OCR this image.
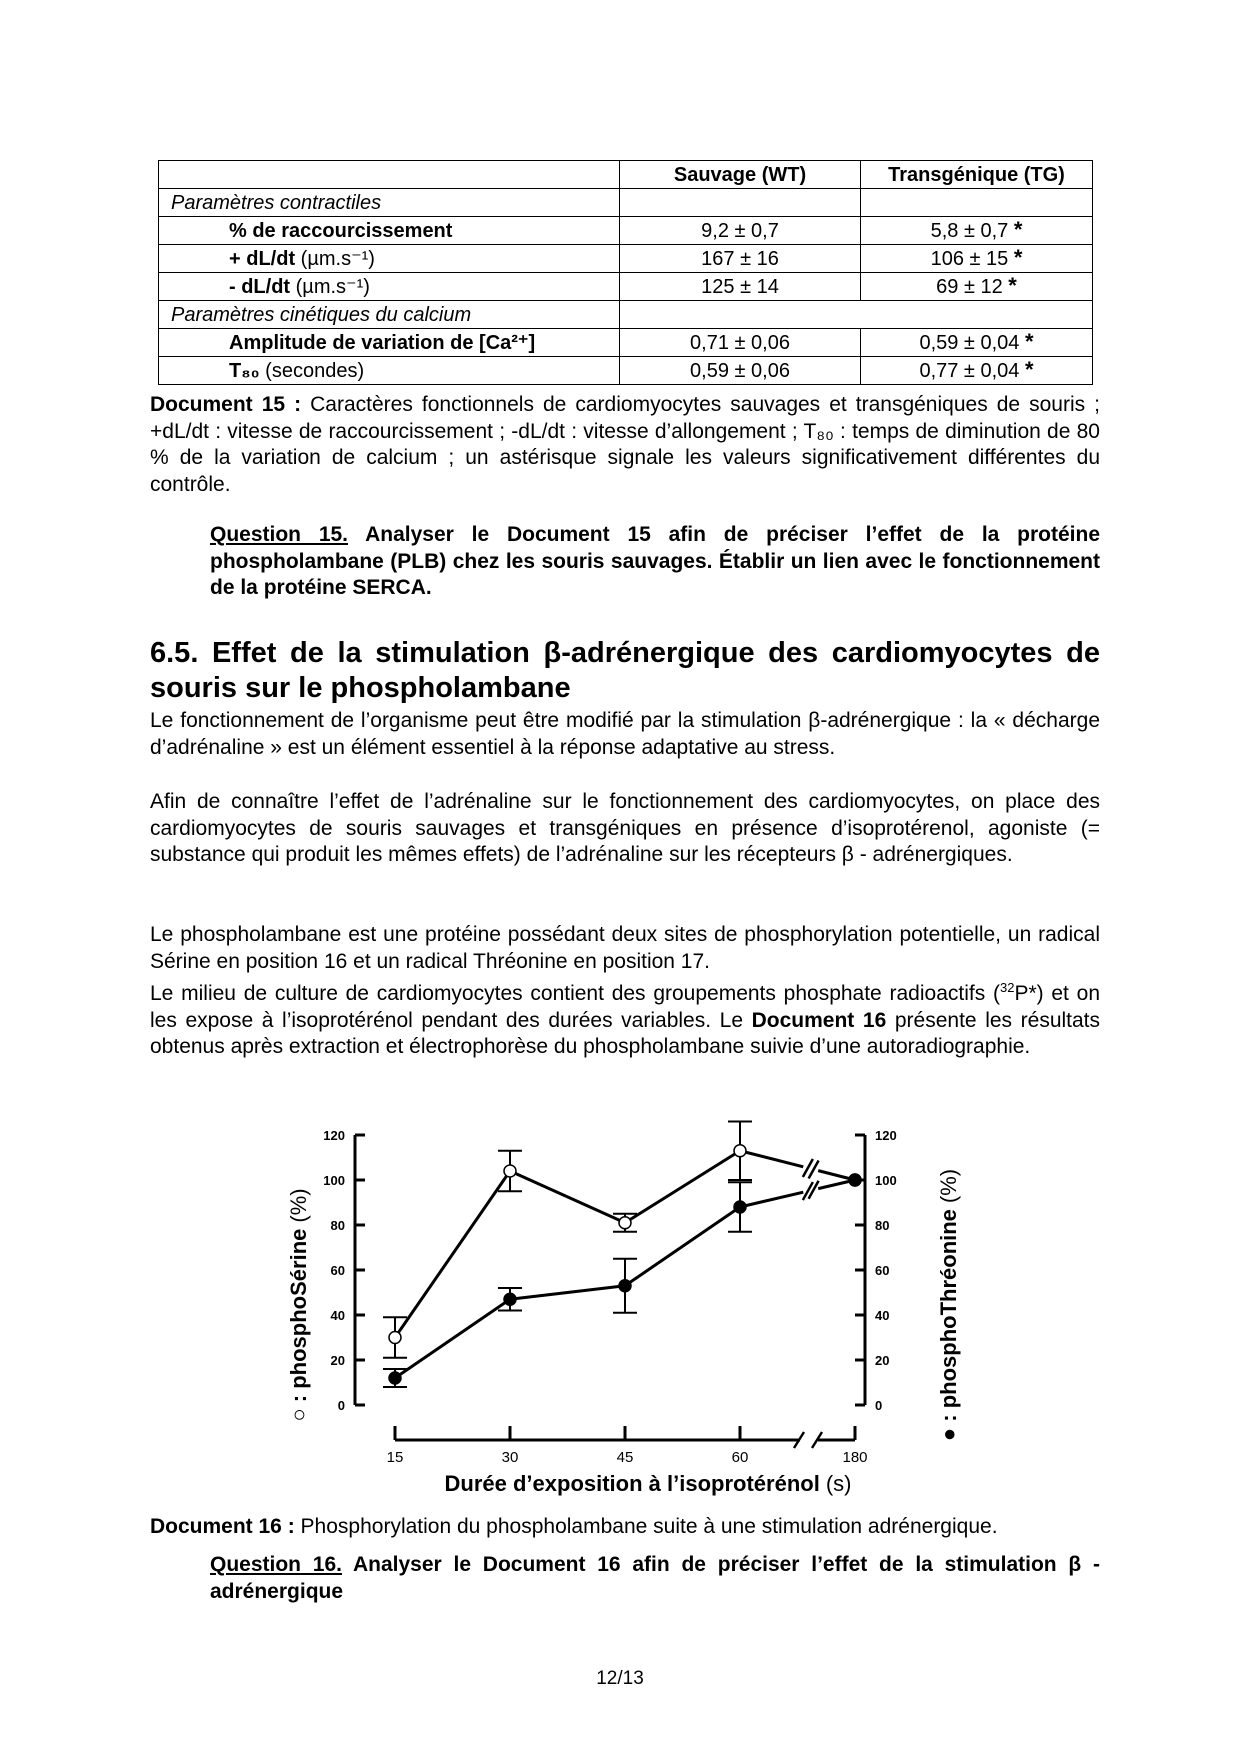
	Sauvage (WT)	Transgénique (TG)
Paramètres contractiles		
% de raccourcissement	9,2 ± 0,7	5,8 ± 0,7 *
+ dL/dt (µm.s⁻¹)	167 ± 16	106 ± 15 *
- dL/dt (µm.s⁻¹)	125 ± 14	69 ± 12 *
Paramètres cinétiques du calcium		
Amplitude de variation de [Ca²⁺]	0,71 ± 0,06	0,59 ± 0,04 *
T₈₀ (secondes)	0,59 ± 0,06	0,77 ± 0,04 *
Document 15 : Caractères fonctionnels de cardiomyocytes sauvages et transgéniques de souris ; +dL/dt : vitesse de raccourcissement ; -dL/dt : vitesse d’allongement ; T₈₀ : temps de diminution de 80 % de la variation de calcium ; un astérisque signale les valeurs significativement différentes du contrôle.
Question 15. Analyser le Document 15 afin de préciser l’effet de la protéine phospholambane (PLB) chez les souris sauvages. Établir un lien avec le fonctionnement de la protéine SERCA.
6.5. Effet de la stimulation β-adrénergique des cardiomyocytes de souris sur le phospholambane
Le fonctionnement de l’organisme peut être modifié par la stimulation β-adrénergique : la « décharge d’adrénaline » est un élément essentiel à la réponse adaptative au stress.
Afin de connaître l’effet de l’adrénaline sur le fonctionnement des cardiomyocytes, on place des cardiomyocytes de souris sauvages et transgéniques en présence d’isoprotérenol, agoniste (= substance qui produit les mêmes effets) de l’adrénaline sur les récepteurs β - adrénergiques.
Le phospholambane est une protéine possédant deux sites de phosphorylation potentielle, un radical Sérine en position 16 et un radical Thréonine en position 17.
Le milieu de culture de cardiomyocytes contient des groupements phosphate radioactifs ($^{32}$P*) et on les expose à l’isoprotérénol pendant des durées variables. Le Document 16 présente les résultats obtenus après extraction et électrophorèse du phospholambane suivie d’une autoradiographie.
0	0
20	20
40	40
60	60
80	80
100	100
120	120
15	30	45	60	180
Durée d’exposition à l’isoprotérénol (s)
○ : phosphoSérine(%)
● : phosphoThréonine(%)
Document 16 : Phosphorylation du phospholambane suite à une stimulation adrénergique.
Question 16. Analyser le Document 16 afin de préciser l’effet de la stimulation β - adrénergique
12/13
